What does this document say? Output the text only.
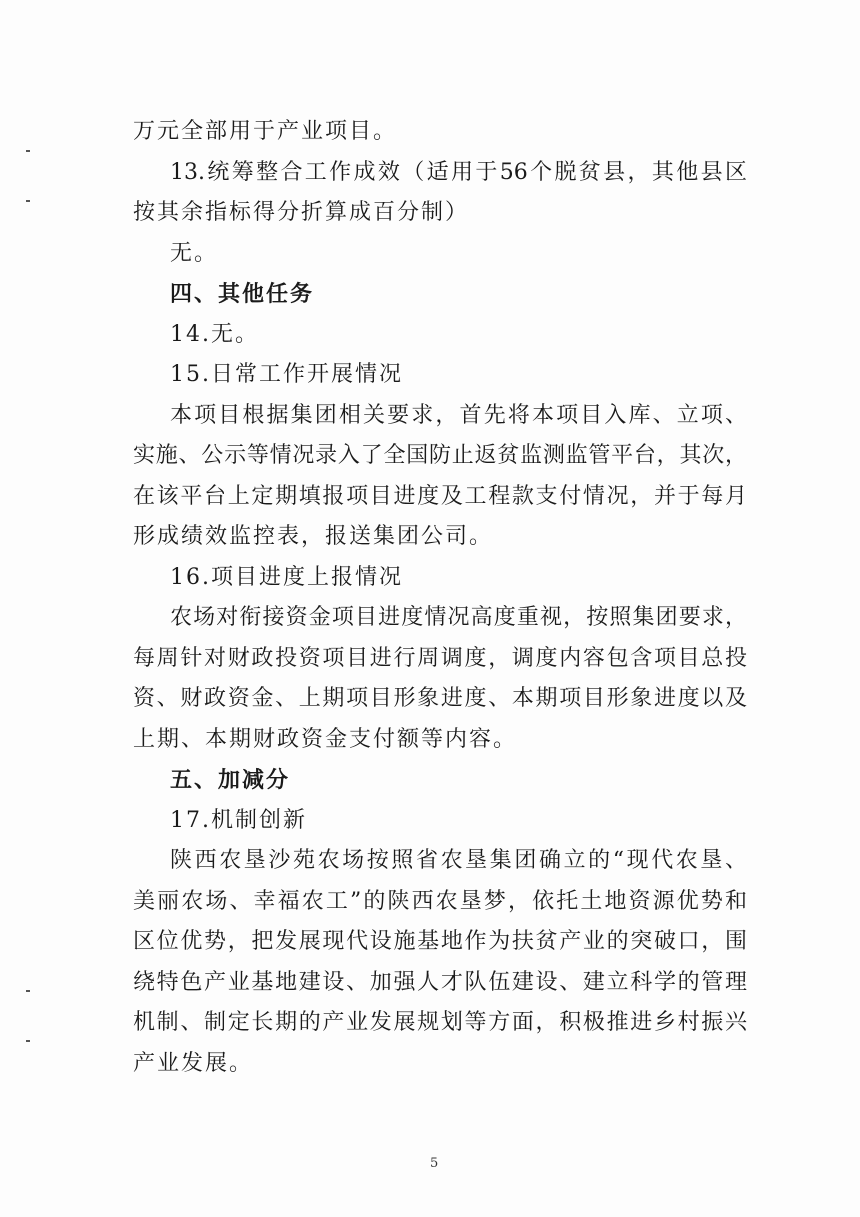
万元全部用于产业项目。
13.统筹整合工作成效（适用于56个脱贫县，其他县区
按其余指标得分折算成百分制）
无。
四、其他任务
14.无。
15.日常工作开展情况
本项目根据集团相关要求，首先将本项目入库、立项、
实施、公示等情况录入了全国防止返贫监测监管平台，其次，
在该平台上定期填报项目进度及工程款支付情况，并于每月
形成绩效监控表，报送集团公司。
16.项目进度上报情况
农场对衔接资金项目进度情况高度重视，按照集团要求，
每周针对财政投资项目进行周调度，调度内容包含项目总投
资、财政资金、上期项目形象进度、本期项目形象进度以及
上期、本期财政资金支付额等内容。
五、加减分
17.机制创新
陕西农垦沙苑农场按照省农垦集团确立的“现代农垦、
美丽农场、幸福农工”的陕西农垦梦，依托土地资源优势和
区位优势，把发展现代设施基地作为扶贫产业的突破口，围
绕特色产业基地建设、加强人才队伍建设、建立科学的管理
机制、制定长期的产业发展规划等方面，积极推进乡村振兴
产业发展。
5
